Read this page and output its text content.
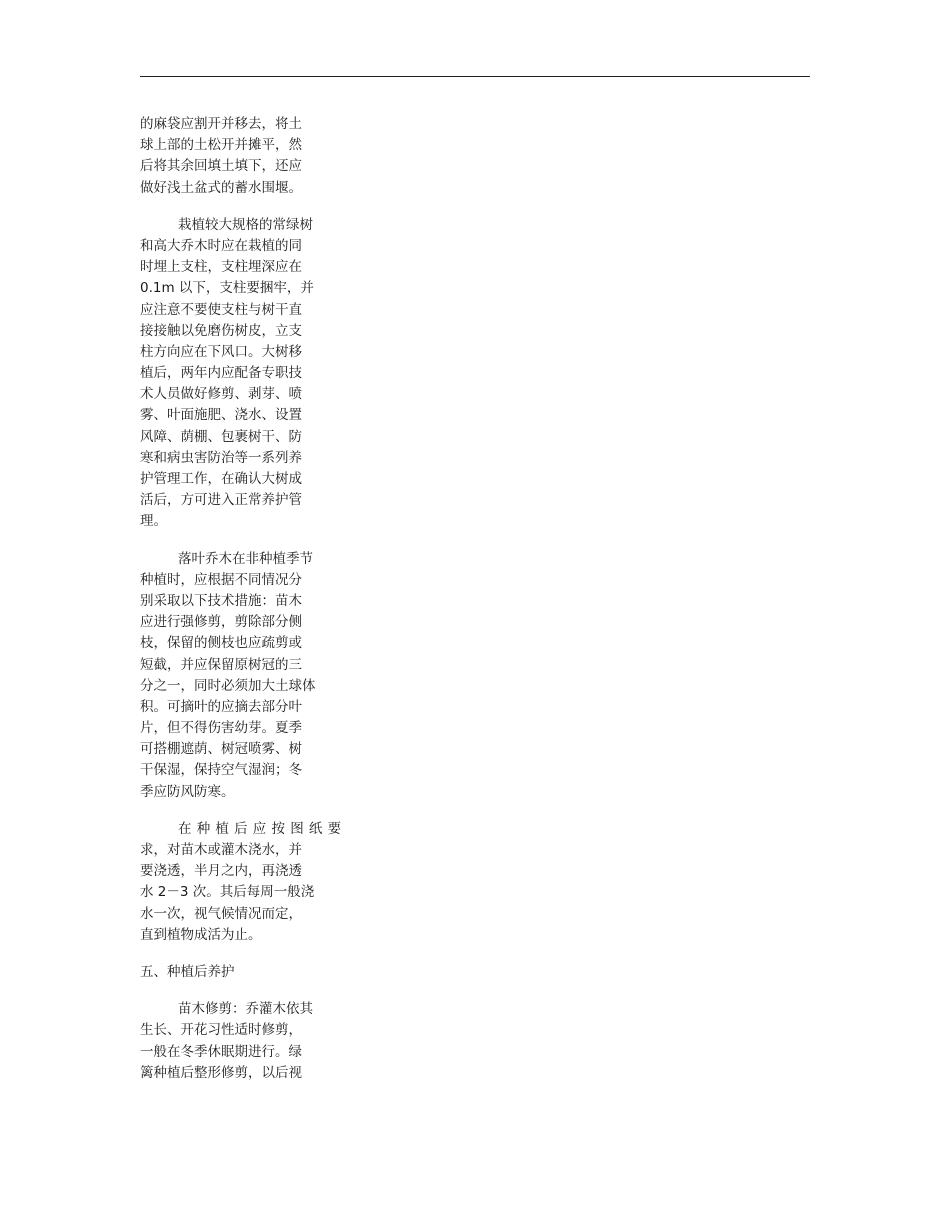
的麻袋应割开并移去，将土
球上部的土松开并摊平，然
后将其余回填土填下，还应
做好浅土盆式的蓄水围堰。
栽植较大规格的常绿树
和高大乔木时应在栽植的同
时埋上支柱，支柱埋深应在
0.1m 以下，支柱要捆牢，并
应注意不要使支柱与树干直
接接触以免磨伤树皮，立支
柱方向应在下风口。大树移
植后，两年内应配备专职技
术人员做好修剪、剥芽、喷
雾、叶面施肥、浇水、设置
风障、荫棚、包裹树干、防
寒和病虫害防治等一系列养
护管理工作，在确认大树成
活后，方可进入正常养护管
理。
落叶乔木在非种植季节
种植时，应根据不同情况分
别采取以下技术措施：苗木
应进行强修剪，剪除部分侧
枝，保留的侧枝也应疏剪或
短截，并应保留原树冠的三
分之一，同时必须加大土球体
积。可摘叶的应摘去部分叶
片，但不得伤害幼芽。夏季
可搭棚遮荫、树冠喷雾、树
干保湿，保持空气湿润；冬
季应防风防寒。
在种植后应按图纸要
求，对苗木或灌木浇水，并
要浇透，半月之内，再浇透
水 2－3 次。其后每周一般浇
水一次，视气候情况而定，
直到植物成活为止。
五、种植后养护
苗木修剪：乔灌木依其
生长、开花习性适时修剪，
一般在冬季休眠期进行。绿
篱种植后整形修剪，以后视
